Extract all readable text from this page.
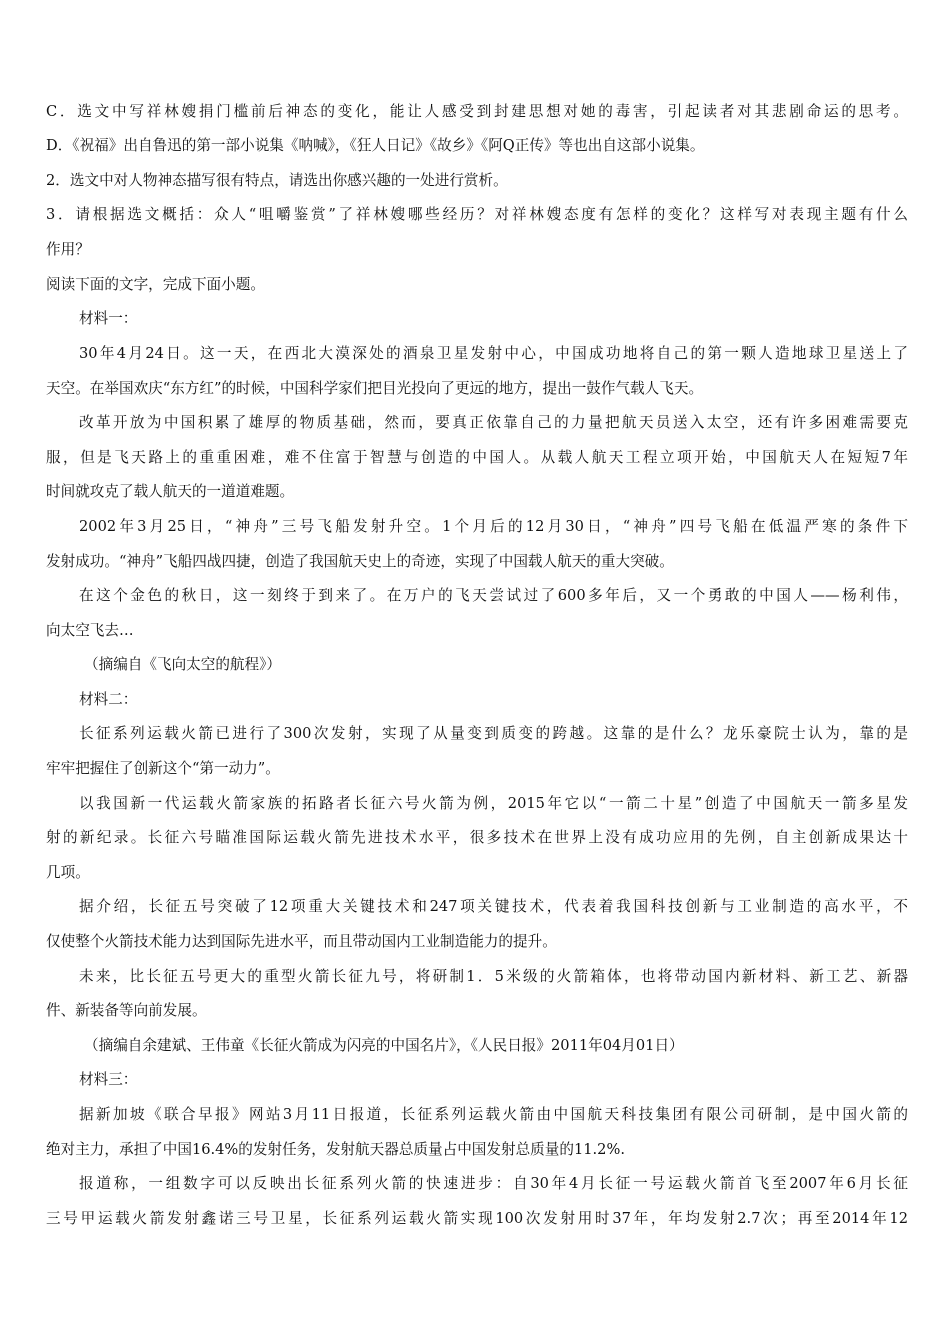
C．选文中写祥林嫂捐门槛前后神态的变化，能让人感受到封建思想对她的毒害，引起读者对其悲剧命运的思考。
D．《祝福》出自鲁迅的第一部小说集《呐喊》，《狂人日记》《故乡》《阿Q正传》等也出自这部小说集。
2．选文中对人物神态描写很有特点，请选出你感兴趣的一处进行赏析。
3．请根据选文概括：众人“咀嚼鉴赏”了祥林嫂哪些经历？对祥林嫂态度有怎样的变化？这样写对表现主题有什么
作用？
阅读下面的文字，完成下面小题。
材料一：
30年4月24日。这一天，在西北大漠深处的酒泉卫星发射中心，中国成功地将自己的第一颗人造地球卫星送上了
天空。在举国欢庆“东方红”的时候，中国科学家们把目光投向了更远的地方，提出一鼓作气载人飞天。
改革开放为中国积累了雄厚的物质基础，然而，要真正依靠自己的力量把航天员送入太空，还有许多困难需要克
服，但是飞天路上的重重困难，难不住富于智慧与创造的中国人。从载人航天工程立项开始，中国航天人在短短7年
时间就攻克了载人航天的一道道难题。
2002年3月25日，“神舟”三号飞船发射升空。1个月后的12月30日，“神舟”四号飞船在低温严寒的条件下
发射成功。“神舟”飞船四战四捷，创造了我国航天史上的奇迹，实现了中国载人航天的重大突破。
在这个金色的秋日，这一刻终于到来了。在万户的飞天尝试过了600多年后，又一个勇敢的中国人——杨利伟，
向太空飞去…
（摘编自《飞向太空的航程》）
材料二：
长征系列运载火箭已进行了300次发射，实现了从量变到质变的跨越。这靠的是什么？龙乐豪院士认为，靠的是
牢牢把握住了创新这个“第一动力”。
以我国新一代运载火箭家族的拓路者长征六号火箭为例，2015年它以“一箭二十星”创造了中国航天一箭多星发
射的新纪录。长征六号瞄准国际运载火箭先进技术水平，很多技术在世界上没有成功应用的先例，自主创新成果达十
几项。
据介绍，长征五号突破了12项重大关键技术和247项关键技术，代表着我国科技创新与工业制造的高水平，不
仅使整个火箭技术能力达到国际先进水平，而且带动国内工业制造能力的提升。
未来，比长征五号更大的重型火箭长征九号，将研制1．5米级的火箭箱体，也将带动国内新材料、新工艺、新器
件、新装备等向前发展。
（摘编自余建斌、王伟童《长征火箭成为闪亮的中国名片》，《人民日报》2011年04月01日）
材料三：
据新加坡《联合早报》网站3月11日报道，长征系列运载火箭由中国航天科技集团有限公司研制，是中国火箭的
绝对主力，承担了中国16.4%的发射任务，发射航天器总质量占中国发射总质量的11.2%.
报道称，一组数字可以反映出长征系列火箭的快速进步：自30年4月长征一号运载火箭首飞至2007年6月长征
三号甲运载火箭发射鑫诺三号卫星，长征系列运载火箭实现100次发射用时37年，年均发射2.7次；再至2014年12
